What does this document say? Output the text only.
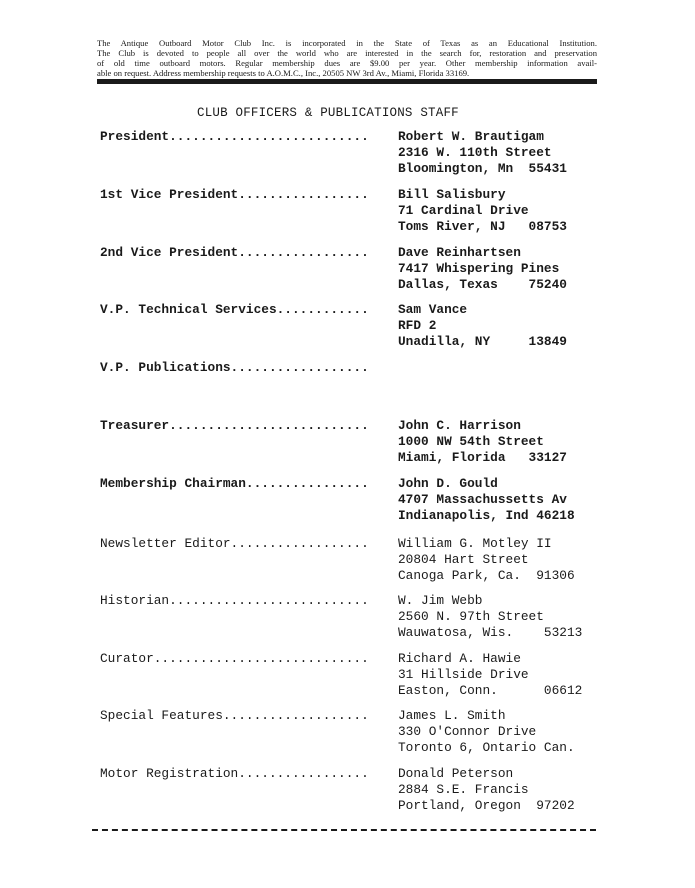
The Antique Outboard Motor Club Inc. is incorporated in the State of Texas as an Educational Institution.
The Club is devoted to people all over the world who are interested in the search for, restoration and preservation
of old time outboard motors. Regular membership dues are $9.00 per year. Other membership information avail-
able on request. Address membership requests to A.O.M.C., Inc., 20505 NW 3rd Av., Miami, Florida 33169.
CLUB OFFICERS & PUBLICATIONS STAFF
President..........................	Robert W. Brautigam
2316 W. 110th Street
Bloomington, Mn  55431
1st Vice President.................	Bill Salisbury
71 Cardinal Drive
Toms River, NJ   08753
2nd Vice President.................	Dave Reinhartsen
7417 Whispering Pines
Dallas, Texas    75240
V.P. Technical Services............	Sam Vance
RFD 2
Unadilla, NY     13849
V.P. Publications..................
Treasurer..........................	John C. Harrison
1000 NW 54th Street
Miami, Florida   33127
Membership Chairman................	John D. Gould
4707 Massachussetts Av
Indianapolis, Ind 46218
Newsletter Editor..................	William G. Motley II
20804 Hart Street
Canoga Park, Ca.  91306
Historian..........................	W. Jim Webb
2560 N. 97th Street
Wauwatosa, Wis.    53213
Curator............................	Richard A. Hawie
31 Hillside Drive
Easton, Conn.      06612
Special Features...................	James L. Smith
330 O'Connor Drive
Toronto 6, Ontario Can.
Motor Registration.................	Donald Peterson
2884 S.E. Francis
Portland, Oregon  97202
